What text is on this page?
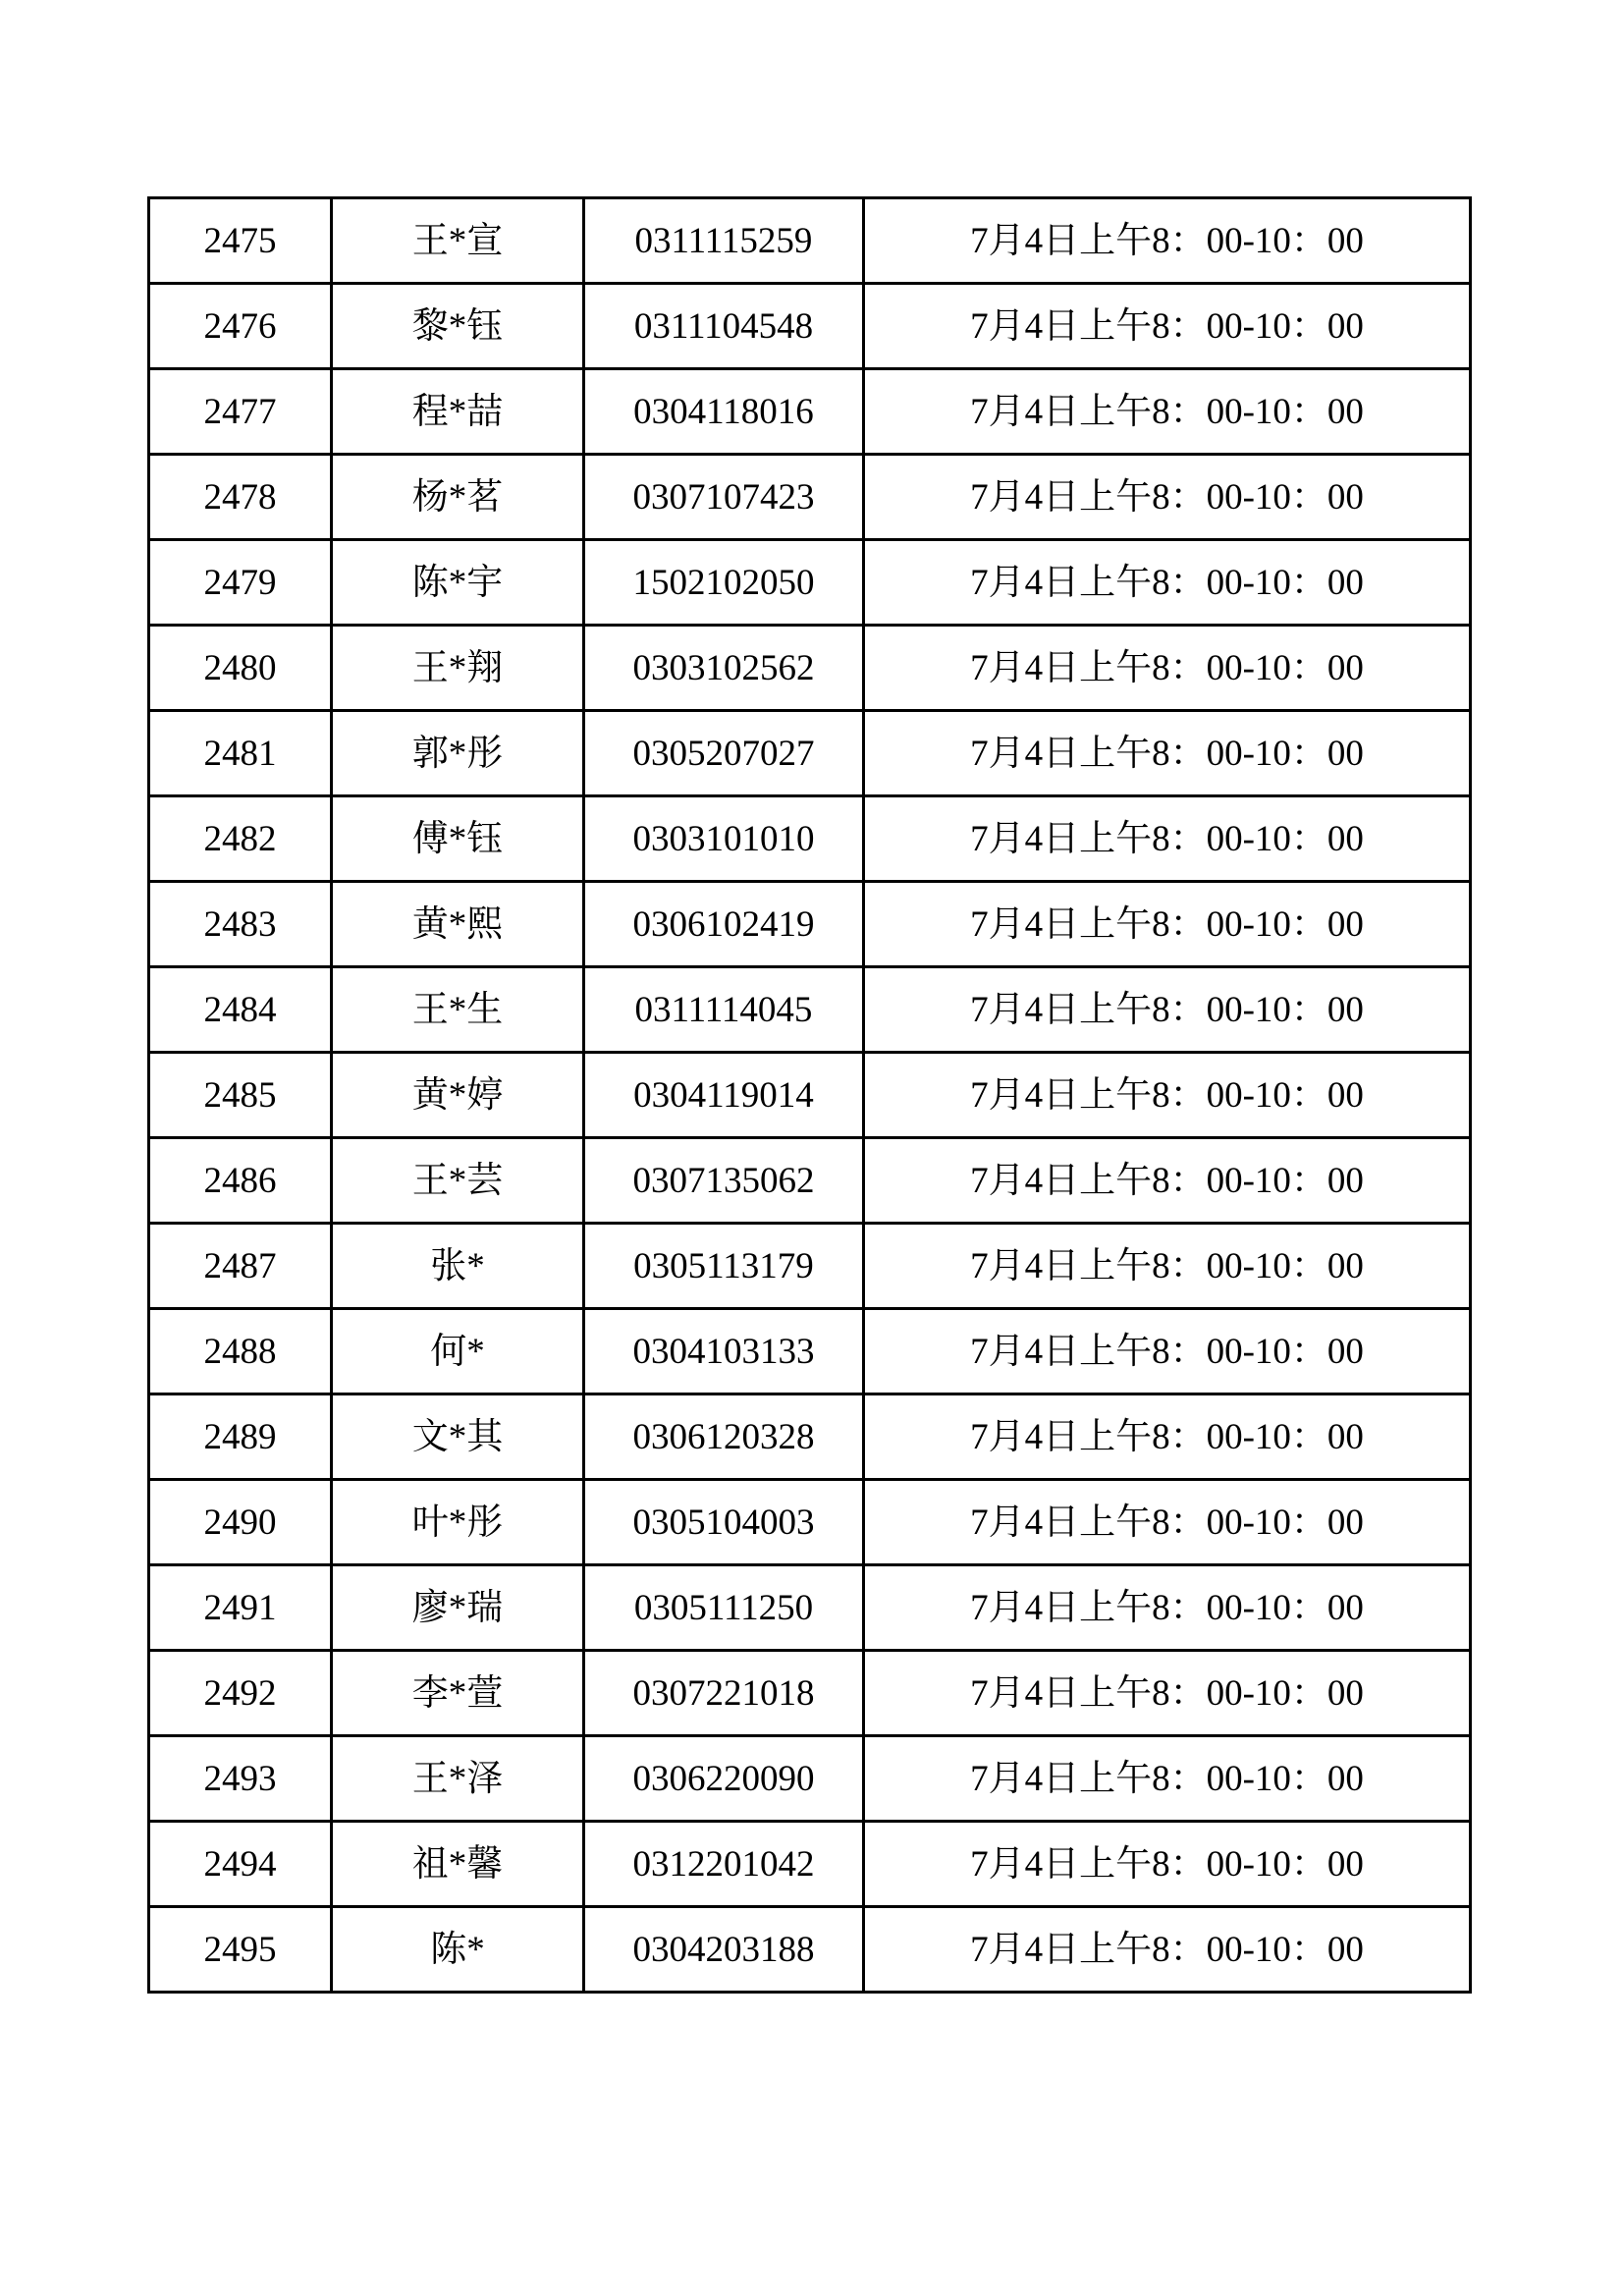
2475	王*宣	0311115259	7月4日上午8：00-10：00
2476	黎*钰	0311104548	7月4日上午8：00-10：00
2477	程*喆	0304118016	7月4日上午8：00-10：00
2478	杨*茗	0307107423	7月4日上午8：00-10：00
2479	陈*宇	1502102050	7月4日上午8：00-10：00
2480	王*翔	0303102562	7月4日上午8：00-10：00
2481	郭*彤	0305207027	7月4日上午8：00-10：00
2482	傅*钰	0303101010	7月4日上午8：00-10：00
2483	黄*熙	0306102419	7月4日上午8：00-10：00
2484	王*生	0311114045	7月4日上午8：00-10：00
2485	黄*婷	0304119014	7月4日上午8：00-10：00
2486	王*芸	0307135062	7月4日上午8：00-10：00
2487	张*	0305113179	7月4日上午8：00-10：00
2488	何*	0304103133	7月4日上午8：00-10：00
2489	文*其	0306120328	7月4日上午8：00-10：00
2490	叶*彤	0305104003	7月4日上午8：00-10：00
2491	廖*瑞	0305111250	7月4日上午8：00-10：00
2492	李*萱	0307221018	7月4日上午8：00-10：00
2493	王*泽	0306220090	7月4日上午8：00-10：00
2494	祖*馨	0312201042	7月4日上午8：00-10：00
2495	陈*	0304203188	7月4日上午8：00-10：00
